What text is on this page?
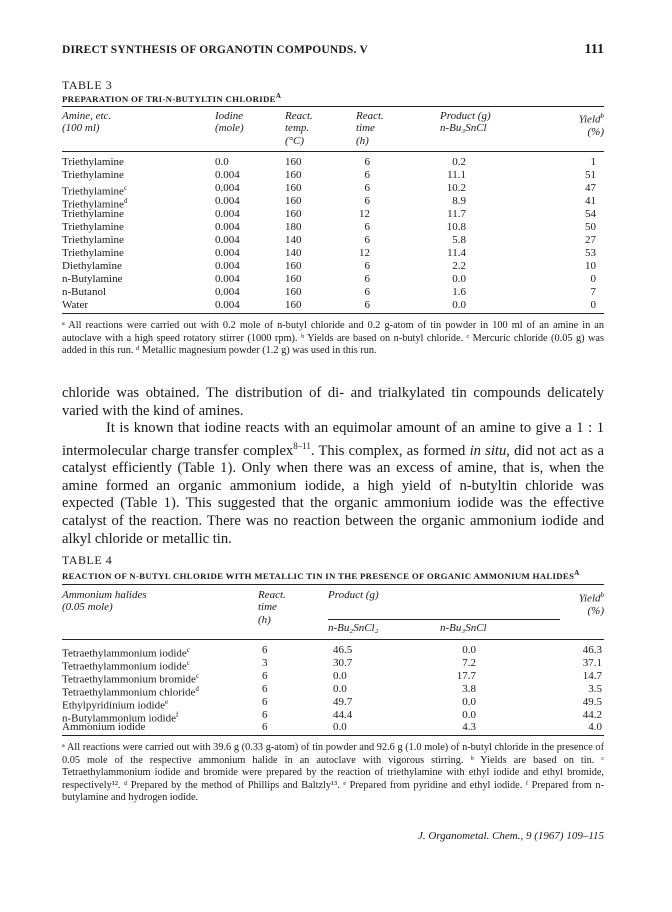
DIRECT SYNTHESIS OF ORGANOTIN COMPOUNDS. V	111
TABLE 3
PREPARATION OF TRI-N-BUTYLTIN $CHLORIDE^A$
Amine, etc.
(100 ml)
Iodine
(mole)
React.
temp.
(°C)
React.
time
(h)
Product (g)
n-Bu₃SnCl
Yield$^b$
(%)
Triethylamine	0.0	160	6	0.2	1
Triethylamine	0.004	160	6	11.1	51
Triethylamine$^c$	0.004	160	6	10.2	47
Triethylamine$^d$	0.004	160	6	8.9	41
Triethylamine	0.004	160	12	11.7	54
Triethylamine	0.004	180	6	10.8	50
Triethylamine	0.004	140	6	5.8	27
Triethylamine	0.004	140	12	11.4	53
Diethylamine	0.004	160	6	2.2	10
n-Butylamine	0.004	160	6	0.0	0
n-Butanol	0.004	160	6	1.6	7
Water	0.004	160	6	0.0	0
ᵃ All reactions were carried out with 0.2 mole of n-butyl chloride and 0.2 g-atom of tin powder in 100 ml of an amine in an autoclave with a high speed rotatory stirrer (1000 rpm). ᵇ Yields are based on n-butyl chloride. ᶜ Mercuric chloride (0.05 g) was added in this run. ᵈ Metallic magnesium powder (1.2 g) was used in this run.

chloride was obtained. The distribution of di- and trialkylated tin compounds delicately varied with the kind of amines.

It is known that iodine reacts with an equimolar amount of an amine to give a 1 : 1 intermolecular charge transfer complex$^{8-11}$. This complex, as formed in situ, did not act as a catalyst efficiently (Table 1). Only when there was an excess of amine, that is, when the amine formed an organic ammonium iodide, a high yield of n-butyltin chloride was expected (Table 1). This suggested that the organic ammonium iodide was the effective catalyst of the reaction. There was no reaction between the organic ammonium iodide and alkyl chloride or metallic tin.

TABLE 4
REACTION OF N-BUTYL CHLORIDE WITH METALLIC TIN IN THE PRESENCE OF ORGANIC AMMONIUM $HALIDES^A$
Ammonium halides
(0.05 mole)
React.
time
(h)
Product (g)
n-Bu₂SnCl₂	n-Bu₃SnCl
Yield$^b$
(%)
Tetraethylammonium iodide$^c$	6	46.5	0.0	46.3
Tetraethylammonium iodide$^c$	3	30.7	7.2	37.1
Tetraethylammonium bromide$^c$	6	0.0	17.7	14.7
Tetraethylammonium chloride$^d$	6	0.0	3.8	3.5
Ethylpyridinium iodide$^e$	6	49.7	0.0	49.5
n-Butylammonium iodide$^f$	6	44.4	0.0	44.2
Ammonium iodide	6	0.0	4.3	4.0
ᵃ All reactions were carried out with 39.6 g (0.33 g-atom) of tin powder and 92.6 g (1.0 mole) of n-butyl chloride in the presence of 0.05 mole of the respective ammonium halide in an autoclave with vigorous stirring. ᵇ Yields are based on tin. ᶜ Tetraethylammonium iodide and bromide were prepared by the reaction of triethylamine with ethyl iodide and ethyl bromide, respectively¹². ᵈ Prepared by the method of Phillips and Baltzly¹³. ᵉ Prepared from pyridine and ethyl iodide. ᶠ Prepared from n-butylamine and hydrogen iodide.
J. Organometal. Chem., 9 (1967) 109–115
